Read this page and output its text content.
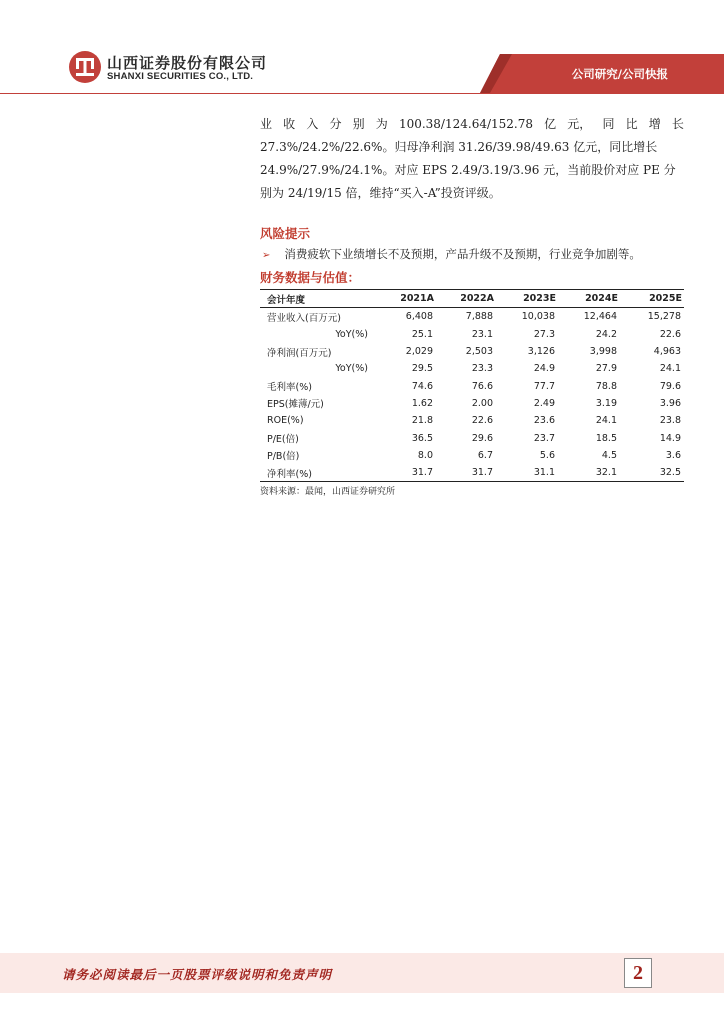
山西证券股份有限公司
SHANXI SECURITIES CO., LTD.	公司研究/公司快报
业 收 入 分 别 为 100.38/124.64/152.78 亿 元， 同 比 增 长
27.3%/24.2%/22.6%。归母净利润 31.26/39.98/49.63 亿元，同比增长
24.9%/27.9%/24.1%。对应 EPS 2.49/3.19/3.96 元，当前股价对应 PE 分
别为 24/19/15 倍，维持“买入-A”投资评级。
风险提示
➢ 消费疲软下业绩增长不及预期，产品升级不及预期，行业竞争加剧等。
财务数据与估值：
会计年度	2021A	2022A	2023E	2024E	2025E
营业收入(百万元)	6,408	7,888	10,038	12,464	15,278
YoY(%)	25.1	23.1	27.3	24.2	22.6
净利润(百万元)	2,029	2,503	3,126	3,998	4,963
YoY(%)	29.5	23.3	24.9	27.9	24.1
毛利率(%)	74.6	76.6	77.7	78.8	79.6
EPS(摊薄/元)	1.62	2.00	2.49	3.19	3.96
ROE(%)	21.8	22.6	23.6	24.1	23.8
P/E(倍)	36.5	29.6	23.7	18.5	14.9
P/B(倍)	8.0	6.7	5.6	4.5	3.6
净利率(%)	31.7	31.7	31.1	32.1	32.5
资料来源：最闻，山西证券研究所
请务必阅读最后一页股票评级说明和免责声明	2
